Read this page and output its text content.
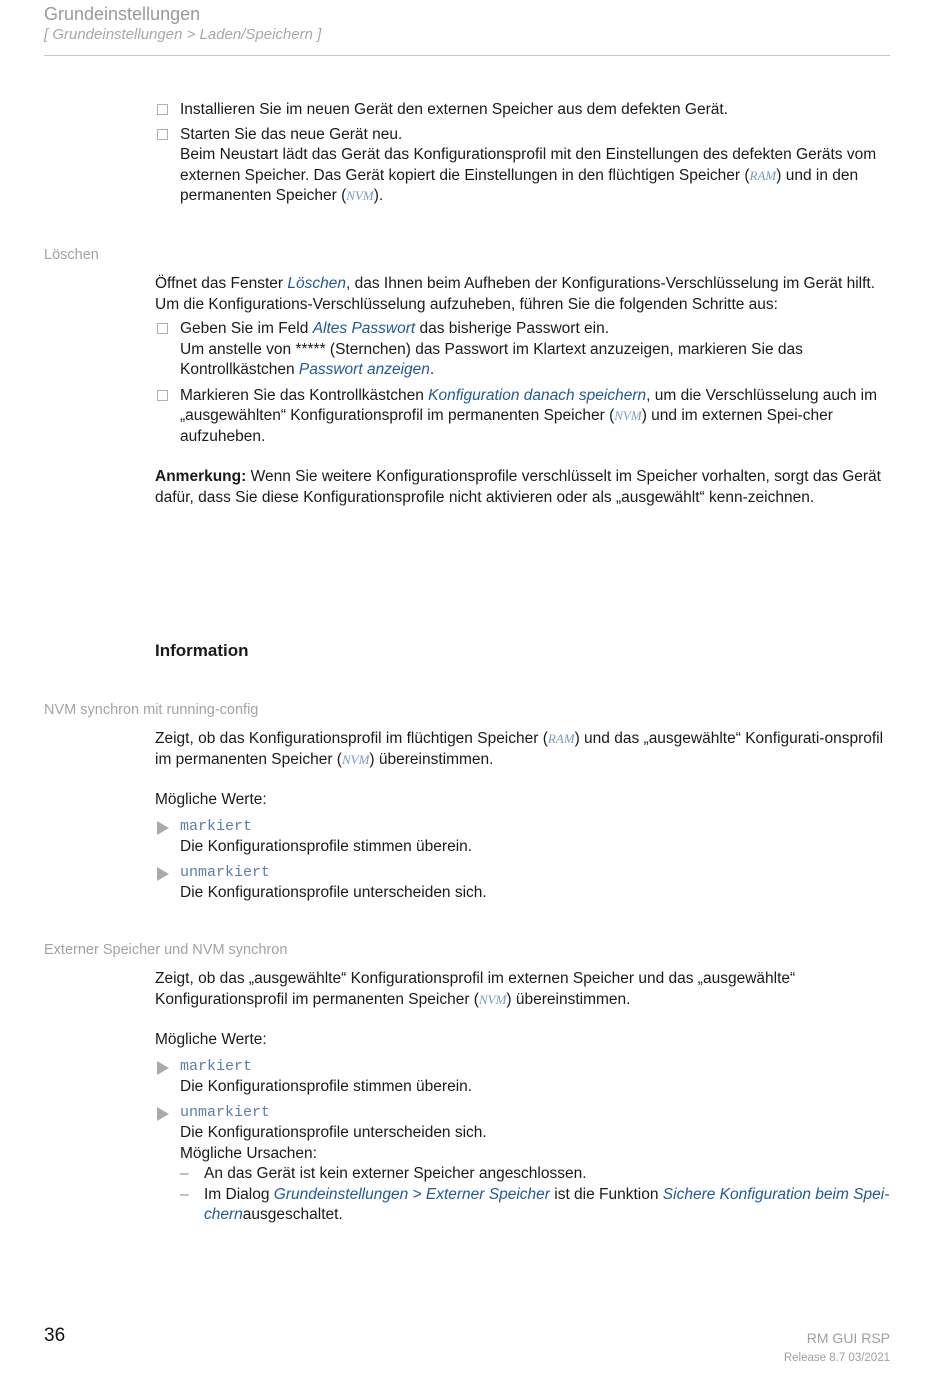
Grundeinstellungen
[ Grundeinstellungen > Laden/Speichern ]
Installieren Sie im neuen Gerät den externen Speicher aus dem defekten Gerät.
Starten Sie das neue Gerät neu.
Beim Neustart lädt das Gerät das Konfigurationsprofil mit den Einstellungen des defekten Geräts vom externen Speicher. Das Gerät kopiert die Einstellungen in den flüchtigen Speicher (RAM) und in den permanenten Speicher (NVM).
Löschen

Öffnet das Fenster Löschen, das Ihnen beim Aufheben der Konfigurations-Verschlüsselung im Gerät hilft. Um die Konfigurations-Verschlüsselung aufzuheben, führen Sie die folgenden Schritte aus:

Geben Sie im Feld Altes Passwort das bisherige Passwort ein.
Um anstelle von ***** (Sternchen) das Passwort im Klartext anzuzeigen, markieren Sie das Kontrollkästchen Passwort anzeigen.
Markieren Sie das Kontrollkästchen Konfiguration danach speichern, um die Verschlüsselung auch im „ausgewählten“ Konfigurationsprofil im permanenten Speicher (NVM) und im externen Spei-cher aufzuheben.

Anmerkung: Wenn Sie weitere Konfigurationsprofile verschlüsselt im Speicher vorhalten, sorgt das Gerät dafür, dass Sie diese Konfigurationsprofile nicht aktivieren oder als „ausgewählt“ kenn-zeichnen.

Information
NVM synchron mit running-config

Zeigt, ob das Konfigurationsprofil im flüchtigen Speicher (RAM) und das „ausgewählte“ Konfigurati-onsprofil im permanenten Speicher (NVM) übereinstimmen.

Mögliche Werte:

markiert
Die Konfigurationsprofile stimmen überein.
unmarkiert
Die Konfigurationsprofile unterscheiden sich.
Externer Speicher und NVM synchron

Zeigt, ob das „ausgewählte“ Konfigurationsprofil im externen Speicher und das „ausgewählte“ Konfigurationsprofil im permanenten Speicher (NVM) übereinstimmen.

Mögliche Werte:

markiert
Die Konfigurationsprofile stimmen überein.
unmarkiert
Die Konfigurationsprofile unterscheiden sich.
Mögliche Ursachen:
– An das Gerät ist kein externer Speicher angeschlossen.
– Im Dialog Grundeinstellungen > Externer Speicher ist die Funktion Sichere Konfiguration beim Spei-chernausgeschaltet.
36	RM GUI RSP
Release 8.7 03/2021
